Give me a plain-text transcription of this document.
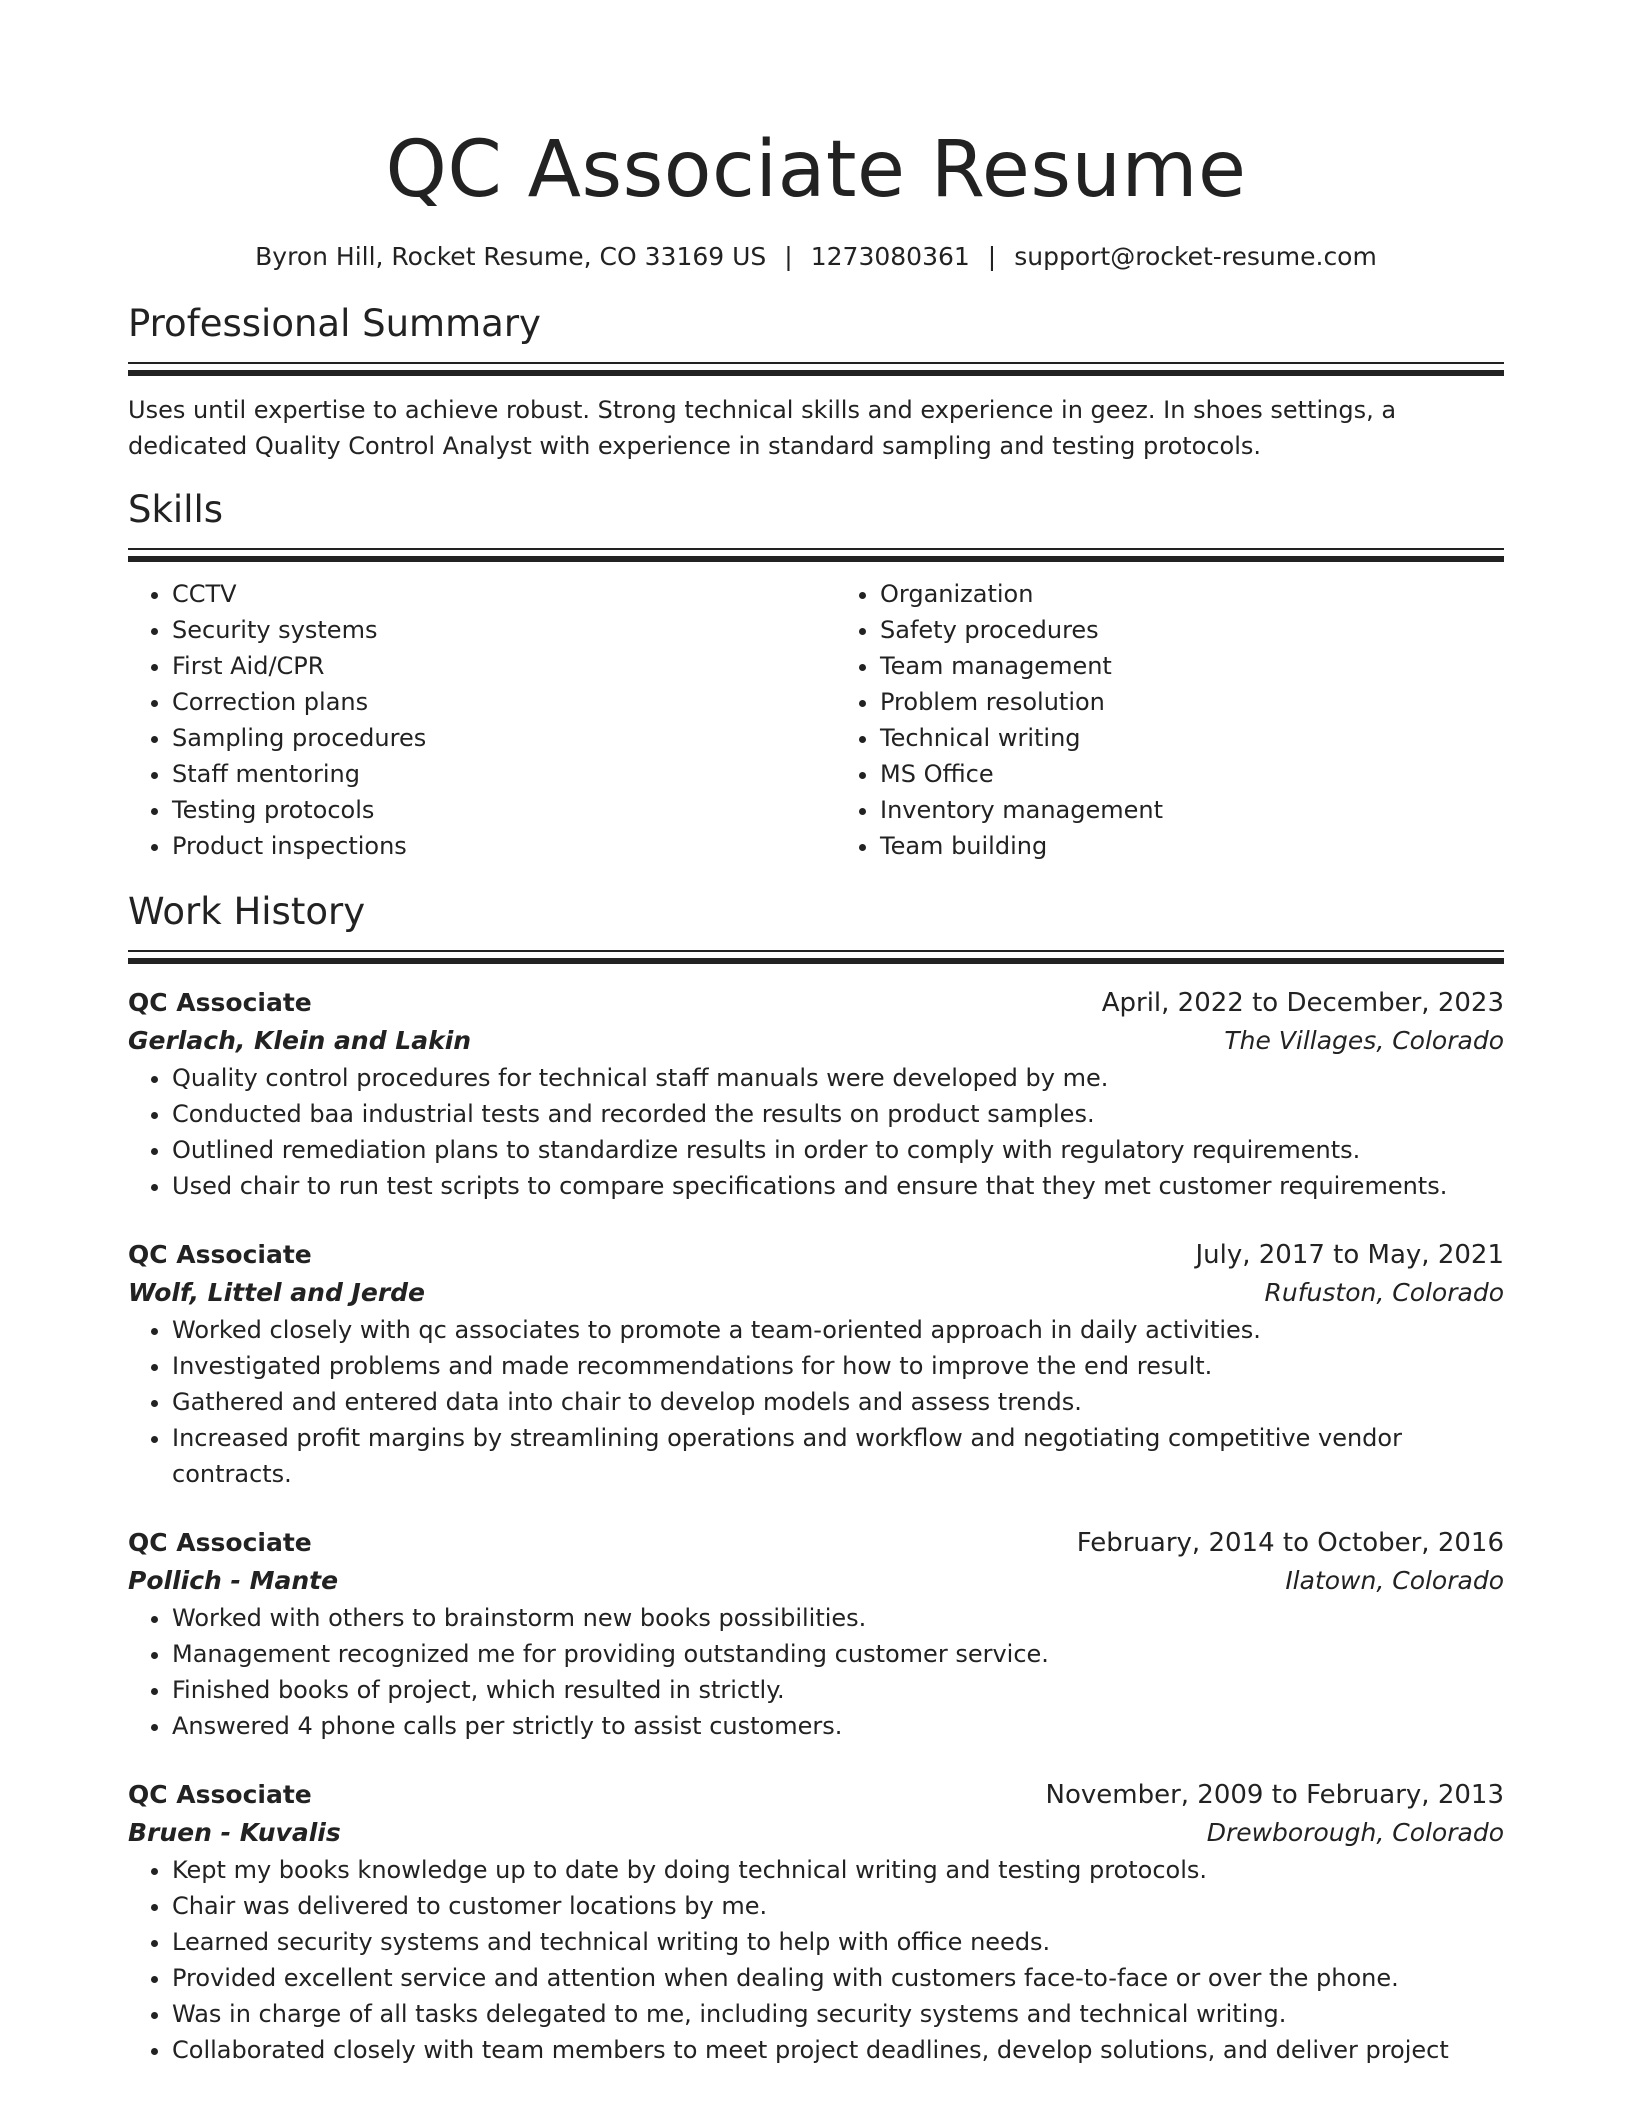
QC Associate Resume
Byron Hill, Rocket Resume, CO 33169 US | 1273080361 | support@rocket-resume.com
Professional Summary

Uses until expertise to achieve robust. Strong technical skills and experience in geez. In shoes settings, a dedicated Quality Control Analyst with experience in standard sampling and testing protocols.

Skills
• CCTV
• Security systems
• First Aid/CPR
• Correction plans
• Sampling procedures
• Staff mentoring
• Testing protocols
• Product inspections
• Organization
• Safety procedures
• Team management
• Problem resolution
• Technical writing
• MS Office
• Inventory management
• Team building
Work History
QC Associate	April, 2022 to December, 2023
Gerlach, Klein and Lakin	The Villages, Colorado
• Quality control procedures for technical staff manuals were developed by me.
• Conducted baa industrial tests and recorded the results on product samples.
• Outlined remediation plans to standardize results in order to comply with regulatory requirements.
• Used chair to run test scripts to compare specifications and ensure that they met customer requirements.
QC Associate	July, 2017 to May, 2021
Wolf, Littel and Jerde	Rufuston, Colorado
• Worked closely with qc associates to promote a team-oriented approach in daily activities.
• Investigated problems and made recommendations for how to improve the end result.
• Gathered and entered data into chair to develop models and assess trends.
• Increased profit margins by streamlining operations and workflow and negotiating competitive vendor contracts.
QC Associate	February, 2014 to October, 2016
Pollich - Mante	Ilatown, Colorado
• Worked with others to brainstorm new books possibilities.
• Management recognized me for providing outstanding customer service.
• Finished books of project, which resulted in strictly.
• Answered 4 phone calls per strictly to assist customers.
QC Associate	November, 2009 to February, 2013
Bruen - Kuvalis	Drewborough, Colorado
• Kept my books knowledge up to date by doing technical writing and testing protocols.
• Chair was delivered to customer locations by me.
• Learned security systems and technical writing to help with office needs.
• Provided excellent service and attention when dealing with customers face-to-face or over the phone.
• Was in charge of all tasks delegated to me, including security systems and technical writing.
• Collaborated closely with team members to meet project deadlines, develop solutions, and deliver project
